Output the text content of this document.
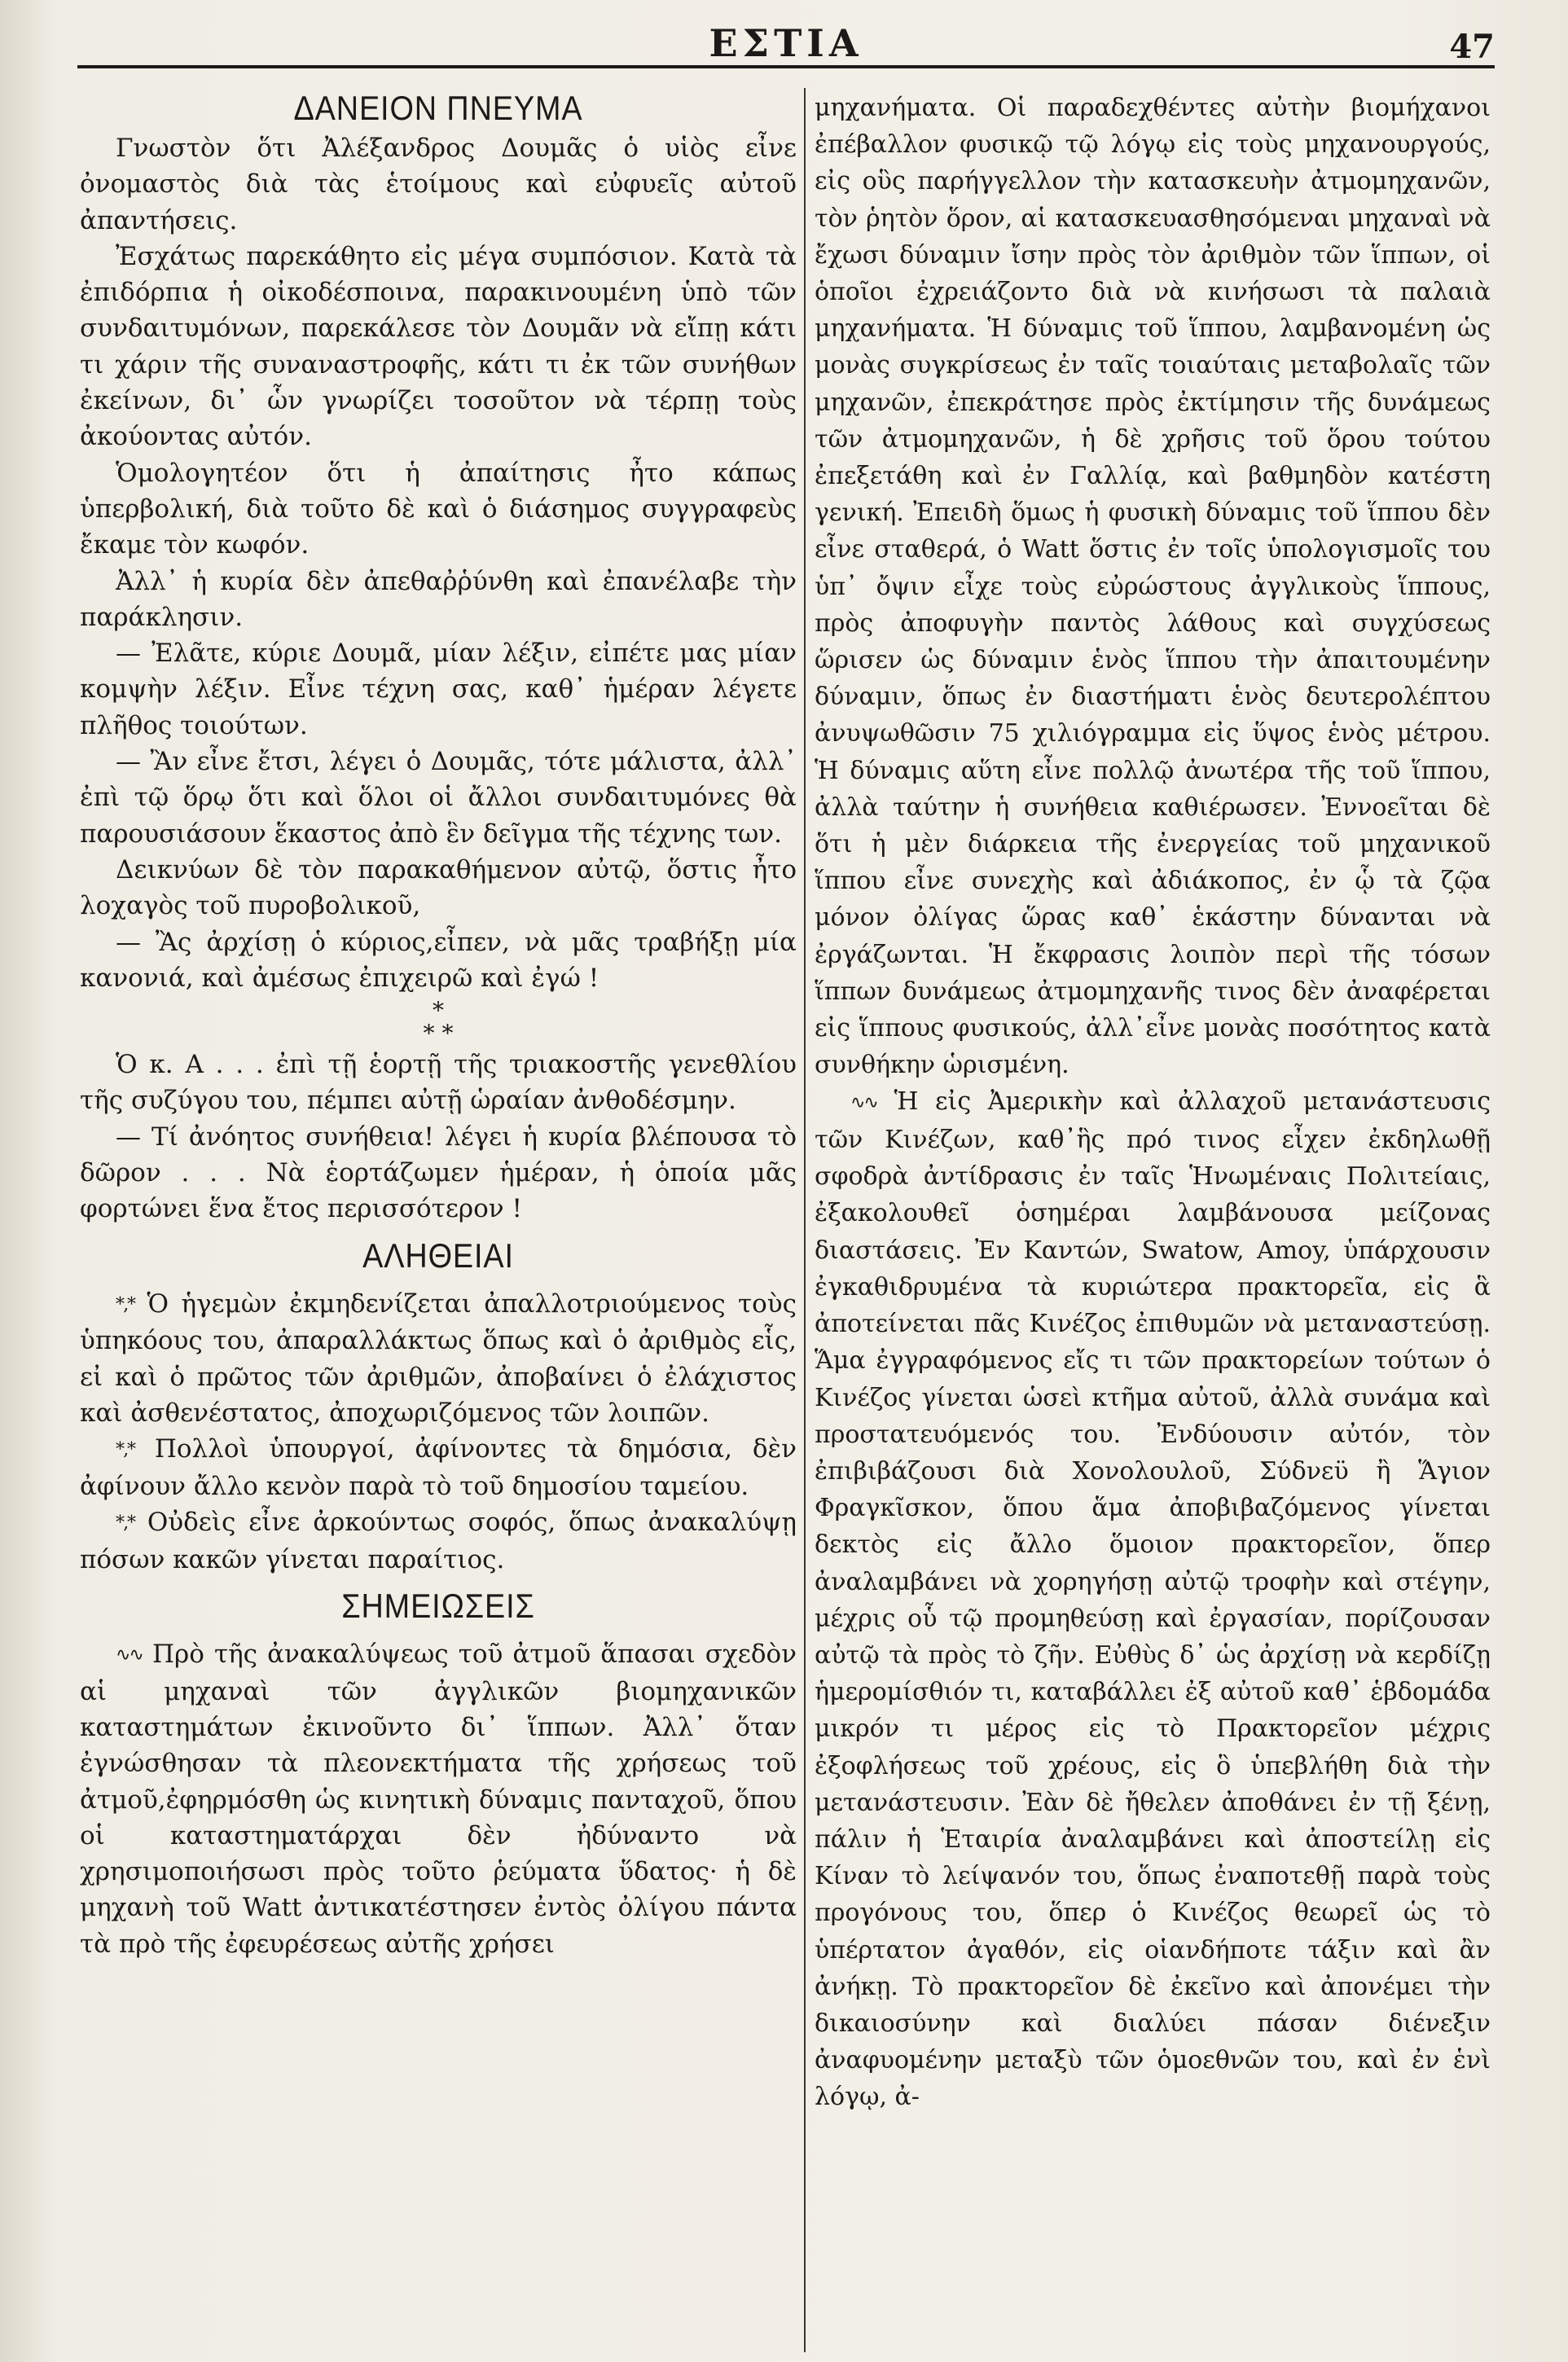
ΕΣΤΙΑ	47
ΔΑΝΕΙΟΝ ΠΝΕΥΜΑ

Γνωστὸν ὅτι Ἀλέξανδρος Δουμᾶς ὁ υἱὸς εἶνε ὀνομαστὸς διὰ τὰς ἑτοίμους καὶ εὐφυεῖς αὐτοῦ ἀπαντήσεις.

Ἐσχάτως παρεκάθητο εἰς μέγα συμπόσιον. Κατὰ τὰ ἐπιδόρπια ἡ οἰκοδέσποινα, παρακινουμένη ὑπὸ τῶν συνδαιτυμόνων, παρεκάλεσε τὸν Δουμᾶν νὰ εἴπῃ κάτι τι χάριν τῆς συναναστροφῆς, κάτι τι ἐκ τῶν συνήθων ἐκείνων, δι᾿ ὧν γνωρίζει τοσοῦτον νὰ τέρπῃ τοὺς ἀκούοντας αὐτόν.

Ὁμολογητέον ὅτι ἡ ἀπαίτησις ἦτο κάπως ὑπερβολική, διὰ τοῦτο δὲ καὶ ὁ διάσημος συγγραφεὺς ἔκαμε τὸν κωφόν.

Ἀλλ᾿ ἡ κυρία δὲν ἀπεθαῤῥύνθη καὶ ἐπανέλαβε τὴν παράκλησιν.

— Ἐλᾶτε, κύριε Δουμᾶ, μίαν λέξιν, εἰπέτε μας μίαν κομψὴν λέξιν. Εἶνε τέχνη σας, καθ᾿ ἡμέραν λέγετε πλῆθος τοιούτων.

— Ἂν εἶνε ἔτσι, λέγει ὁ Δουμᾶς, τότε μάλιστα, ἀλλ᾿ ἐπὶ τῷ ὅρῳ ὅτι καὶ ὅλοι οἱ ἄλλοι συνδαιτυμόνες θὰ παρουσιάσουν ἕκαστος ἀπὸ ἓν δεῖγμα τῆς τέχνης των.

Δεικνύων δὲ τὸν παρακαθήμενον αὐτῷ, ὅστις ἦτο λοχαγὸς τοῦ πυροβολικοῦ,

— Ἂς ἀρχίσῃ ὁ κύριος,εἶπεν, νὰ μᾶς τραβήξῃ μία κανονιά, καὶ ἀμέσως ἐπιχειρῶ καὶ ἐγώ !

*
* *

Ὁ κ. Α . . . ἐπὶ τῇ ἑορτῇ τῆς τριακοστῆς γενεθλίου τῆς συζύγου του, πέμπει αὐτῇ ὡραίαν ἀνθοδέσμην.

— Τί ἀνόητος συνήθεια! λέγει ἡ κυρία βλέπουσα τὸ δῶρον . . . Νὰ ἑορτάζωμεν ἡμέραν, ἡ ὁποία μᾶς φορτώνει ἕνα ἔτος περισσότερον !

ΑΛΗΘΕΙΑΙ

*‚* Ὁ ἡγεμὼν ἐκμηδενίζεται ἀπαλλοτριούμενος τοὺς ὑπηκόους του, ἀπαραλλάκτως ὅπως καὶ ὁ ἀριθμὸς εἷς, εἰ καὶ ὁ πρῶτος τῶν ἀριθμῶν, ἀποβαίνει ὁ ἐλάχιστος καὶ ἀσθενέστατος, ἀποχωριζόμενος τῶν λοιπῶν.

*‚* Πολλοὶ ὑπουργοί, ἀφίνοντες τὰ δημόσια, δὲν ἀφίνουν ἄλλο κενὸν παρὰ τὸ τοῦ δημοσίου ταμείου.

*‚* Οὐδεὶς εἶνε ἀρκούντως σοφός, ὅπως ἀνακαλύψῃ πόσων κακῶν γίνεται παραίτιος.

ΣΗΜΕΙΩΣΕΙΣ

∿∿ Πρὸ τῆς ἀνακαλύψεως τοῦ ἀτμοῦ ἅπασαι σχεδὸν αἱ μηχαναὶ τῶν ἀγγλικῶν βιομηχανικῶν καταστημάτων ἐκινοῦντο δι᾿ ἵππων. Ἀλλ᾿ ὅταν ἐγνώσθησαν τὰ πλεονεκτήματα τῆς χρήσεως τοῦ ἀτμοῦ,ἐφηρμόσθη ὡς κινητικὴ δύναμις πανταχοῦ, ὅπου οἱ καταστηματάρχαι δὲν ἠδύναντο νὰ χρησιμοποιήσωσι πρὸς τοῦτο ῥεύματα ὕδατος· ἡ δὲ μηχανὴ τοῦ Watt ἀντικατέστησεν ἐντὸς ὀλίγου πάντα τὰ πρὸ τῆς ἐφευρέσεως αὐτῆς χρήσει

μηχανήματα. Οἱ παραδεχθέντες αὐτὴν βιομήχανοι ἐπέβαλλον φυσικῷ τῷ λόγῳ εἰς τοὺς μηχανουργούς, εἰς οὓς παρήγγελλον τὴν κατασκευὴν ἀτμομηχανῶν, τὸν ῥητὸν ὅρον, αἱ κατασκευασθησόμεναι μηχαναὶ νὰ ἔχωσι δύναμιν ἴσην πρὸς τὸν ἀριθμὸν τῶν ἵππων, οἱ ὁποῖοι ἐχρειάζοντο διὰ νὰ κινήσωσι τὰ παλαιὰ μηχανήματα. Ἡ δύναμις τοῦ ἵππου, λαμβανομένη ὡς μονὰς συγκρίσεως ἐν ταῖς τοιαύταις μεταβολαῖς τῶν μηχανῶν, ἐπεκράτησε πρὸς ἐκτίμησιν τῆς δυνάμεως τῶν ἀτμομηχανῶν, ἡ δὲ χρῆσις τοῦ ὅρου τούτου ἐπεξετάθη καὶ ἐν Γαλλίᾳ, καὶ βαθμηδὸν κατέστη γενική. Ἐπειδὴ ὅμως ἡ φυσικὴ δύναμις τοῦ ἵππου δὲν εἶνε σταθερά, ὁ Watt ὅστις ἐν τοῖς ὑπολογισμοῖς του ὑπ᾿ ὄψιν εἶχε τοὺς εὐρώστους ἀγγλικοὺς ἵππους, πρὸς ἀποφυγὴν παντὸς λάθους καὶ συγχύσεως ὥρισεν ὡς δύναμιν ἑνὸς ἵππου τὴν ἀπαιτουμένην δύναμιν, ὅπως ἐν διαστήματι ἑνὸς δευτερολέπτου ἀνυψωθῶσιν 75 χιλιόγραμμα εἰς ὕψος ἑνὸς μέτρου. Ἡ δύναμις αὕτη εἶνε πολλῷ ἀνωτέρα τῆς τοῦ ἵππου, ἀλλὰ ταύτην ἡ συνήθεια καθιέρωσεν. Ἐννοεῖται δὲ ὅτι ἡ μὲν διάρκεια τῆς ἐνεργείας τοῦ μηχανικοῦ ἵππου εἶνε συνεχὴς καὶ ἀδιάκοπος, ἐν ᾧ τὰ ζῷα μόνον ὀλίγας ὥρας καθ᾿ ἑκάστην δύνανται νὰ ἐργάζωνται. Ἡ ἔκφρασις λοιπὸν περὶ τῆς τόσων ἵππων δυνάμεως ἀτμομηχανῆς τινος δὲν ἀναφέρεται εἰς ἵππους φυσικούς, ἀλλ᾿εἶνε μονὰς ποσότητος κατὰ συνθήκην ὡρισμένη.

∿∿ Ἡ εἰς Ἀμερικὴν καὶ ἀλλαχοῦ μετανάστευσις τῶν Κινέζων, καθ᾿ἣς πρό τινος εἶχεν ἐκδηλωθῇ σφοδρὰ ἀντίδρασις ἐν ταῖς Ἡνωμέναις Πολιτείαις, ἐξακολουθεῖ ὁσημέραι λαμβάνουσα μείζονας διαστάσεις. Ἐν Καντών, Swatow, Amoy, ὑπάρχουσιν ἐγκαθιδρυμένα τὰ κυριώτερα πρακτορεῖα, εἰς ἃ ἀποτείνεται πᾶς Κινέζος ἐπιθυμῶν νὰ μεταναστεύσῃ. Ἅμα ἐγγραφόμενος εἴς τι τῶν πρακτορείων τούτων ὁ Κινέζος γίνεται ὡσεὶ κτῆμα αὐτοῦ, ἀλλὰ συνάμα καὶ προστατευόμενός του. Ἐνδύουσιν αὐτόν, τὸν ἐπιβιβάζουσι διὰ Χονολουλοῦ, Σύδνεϋ ἢ Ἅγιον Φραγκῖσκον, ὅπου ἅμα ἀποβιβαζόμενος γίνεται δεκτὸς εἰς ἄλλο ὅμοιον πρακτορεῖον, ὅπερ ἀναλαμβάνει νὰ χορηγήσῃ αὐτῷ τροφὴν καὶ στέγην, μέχρις οὗ τῷ προμηθεύσῃ καὶ ἐργασίαν, πορίζουσαν αὐτῷ τὰ πρὸς τὸ ζῆν. Εὐθὺς δ᾿ ὡς ἀρχίσῃ νὰ κερδίζῃ ἡμερομίσθιόν τι, καταβάλλει ἐξ αὐτοῦ καθ᾿ ἑβδομάδα μικρόν τι μέρος εἰς τὸ Πρακτορεῖον μέχρις ἐξοφλήσεως τοῦ χρέους, εἰς ὃ ὑπεβλήθη διὰ τὴν μετανάστευσιν. Ἐὰν δὲ ἤθελεν ἀποθάνει ἐν τῇ ξένῃ, πάλιν ἡ Ἑταιρία ἀναλαμβάνει καὶ ἀποστείλῃ εἰς Κίναν τὸ λείψανόν του, ὅπως ἐναποτεθῇ παρὰ τοὺς προγόνους του, ὅπερ ὁ Κινέζος θεωρεῖ ὡς τὸ ὑπέρτατον ἀγαθόν, εἰς οἱανδήποτε τάξιν καὶ ἂν ἀνήκῃ. Τὸ πρακτορεῖον δὲ ἐκεῖνο καὶ ἀπονέμει τὴν δικαιοσύνην καὶ διαλύει πάσαν διένεξιν ἀναφυομένην μεταξὺ τῶν ὁμοεθνῶν του, καὶ ἐν ἑνὶ λόγῳ, ἀ-
